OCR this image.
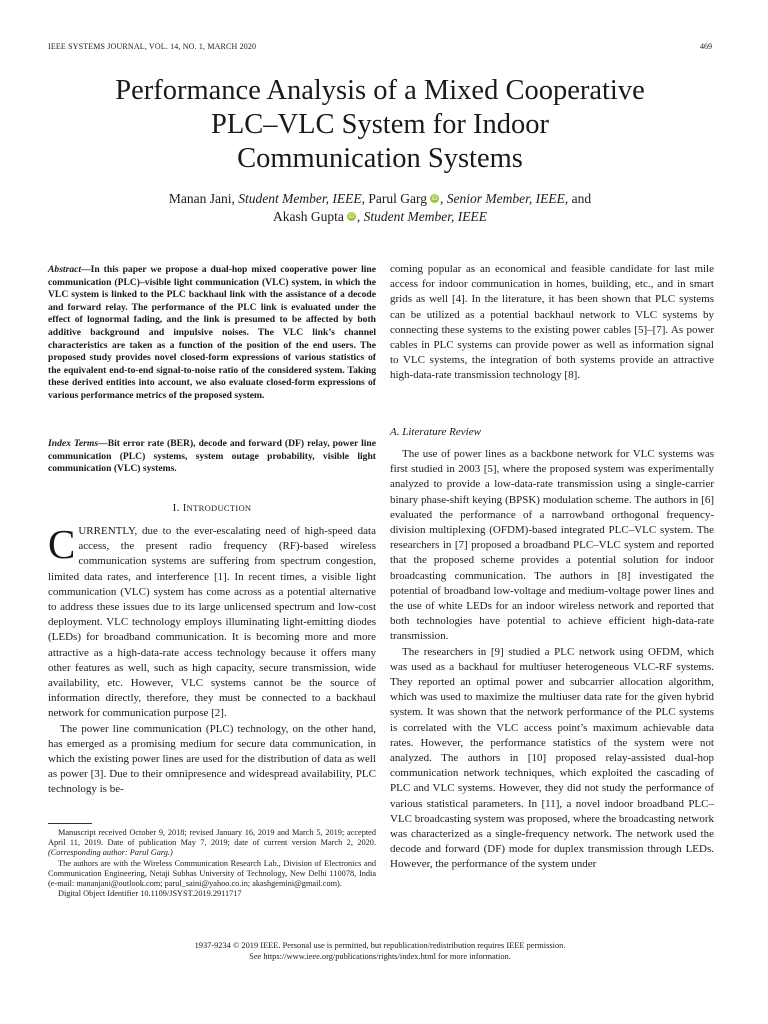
IEEE SYSTEMS JOURNAL, VOL. 14, NO. 1, MARCH 2020	469
Performance Analysis of a Mixed Cooperative
PLC–VLC System for Indoor
Communication Systems
Manan Jani, Student Member, IEEE, Parul Garg iD , Senior Member, IEEE, and
Akash Gupta iD , Student Member, IEEE
Abstract—In this paper we propose a dual-hop mixed cooperative power line communication (PLC)–visible light communication (VLC) system, in which the VLC system is linked to the PLC backhaul link with the assistance of a decode and forward relay. The performance of the PLC link is evaluated under the effect of lognormal fading, and the link is presumed to be affected by both additive background and impulsive noises. The VLC link’s channel characteristics are taken as a function of the position of the end users. The proposed study provides novel closed-form expressions of various statistics of the equivalent end-to-end signal-to-noise ratio of the considered system. Taking these derived entities into account, we also evaluate closed-form expressions of various performance metrics of the proposed system.
Index Terms—Bit error rate (BER), decode and forward (DF) relay, power line communication (PLC) systems, system outage probability, visible light communication (VLC) systems.
I. INTRODUCTION

CURRENTLY, due to the ever-escalating need of high-speed data access, the present radio frequency (RF)-based wireless communication systems are suffering from spectrum congestion, limited data rates, and interference [1]. In recent times, a visible light communication (VLC) system has come across as a potential alternative to address these issues due to its large unlicensed spectrum and low-cost deployment. VLC technology employs illuminating light-emitting diodes (LEDs) for broadband communication. It is becoming more and more attractive as a high-data-rate access technology because it offers many other features as well, such as high capacity, secure transmission, wide availability, etc. However, VLC systems cannot be the source of information directly, therefore, they must be connected to a backhaul network for communication purpose [2].

The power line communication (PLC) technology, on the other hand, has emerged as a promising medium for secure data communication, in which the existing power lines are used for the distribution of data as well as power [3]. Due to their omnipresence and widespread availability, PLC technology is be-

Manuscript received October 9, 2018; revised January 16, 2019 and March 5, 2019; accepted April 11, 2019. Date of publication May 7, 2019; date of current version March 2, 2020. (Corresponding author: Parul Garg.)

The authors are with the Wireless Communication Research Lab., Division of Electronics and Communication Engineering, Netaji Subhas University of Technology, New Delhi 110078, India (e-mail: mananjani@outlook.com; parul_saini@yahoo.co.in; akashgemini@gmail.com).

Digital Object Identifier 10.1109/JSYST.2019.2911717

coming popular as an economical and feasible candidate for last mile access for indoor communication in homes, building, etc., and in smart grids as well [4]. In the literature, it has been shown that PLC systems can be utilized as a potential backhaul network to VLC systems by connecting these systems to the existing power cables [5]–[7]. As power cables in PLC systems can provide power as well as information signal to VLC systems, the integration of both systems provide an attractive high-data-rate transmission technology [8].

A. Literature Review

The use of power lines as a backbone network for VLC systems was first studied in 2003 [5], where the proposed system was experimentally analyzed to provide a low-data-rate transmission using a single-carrier binary phase-shift keying (BPSK) modulation scheme. The authors in [6] evaluated the performance of a narrowband orthogonal frequency-division multiplexing (OFDM)-based integrated PLC–VLC system. The researchers in [7] proposed a broadband PLC–VLC system and reported that the proposed scheme provides a potential solution for indoor broadcasting communication. The authors in [8] investigated the potential of broadband low-voltage and medium-voltage power lines and the use of white LEDs for an indoor wireless network and reported that both technologies have potential to achieve efficient high-data-rate transmission.

The researchers in [9] studied a PLC network using OFDM, which was used as a backhaul for multiuser heterogeneous VLC-RF systems. They reported an optimal power and subcarrier allocation algorithm, which was used to maximize the multiuser data rate for the given hybrid system. It was shown that the network performance of the PLC systems is correlated with the VLC access point’s maximum achievable data rates. However, the performance statistics of the system were not analyzed. The authors in [10] proposed relay-assisted dual-hop communication network techniques, which exploited the cascading of PLC and VLC systems. However, they did not study the performance of various statistical parameters. In [11], a novel indoor broadband PLC–VLC broadcasting system was proposed, where the broadcasting network was characterized as a single-frequency network. The network used the decode and forward (DF) mode for duplex transmission through LEDs. However, the performance of the system under

1937-9234 © 2019 IEEE. Personal use is permitted, but republication/redistribution requires IEEE permission.
See https://www.ieee.org/publications/rights/index.html for more information.
